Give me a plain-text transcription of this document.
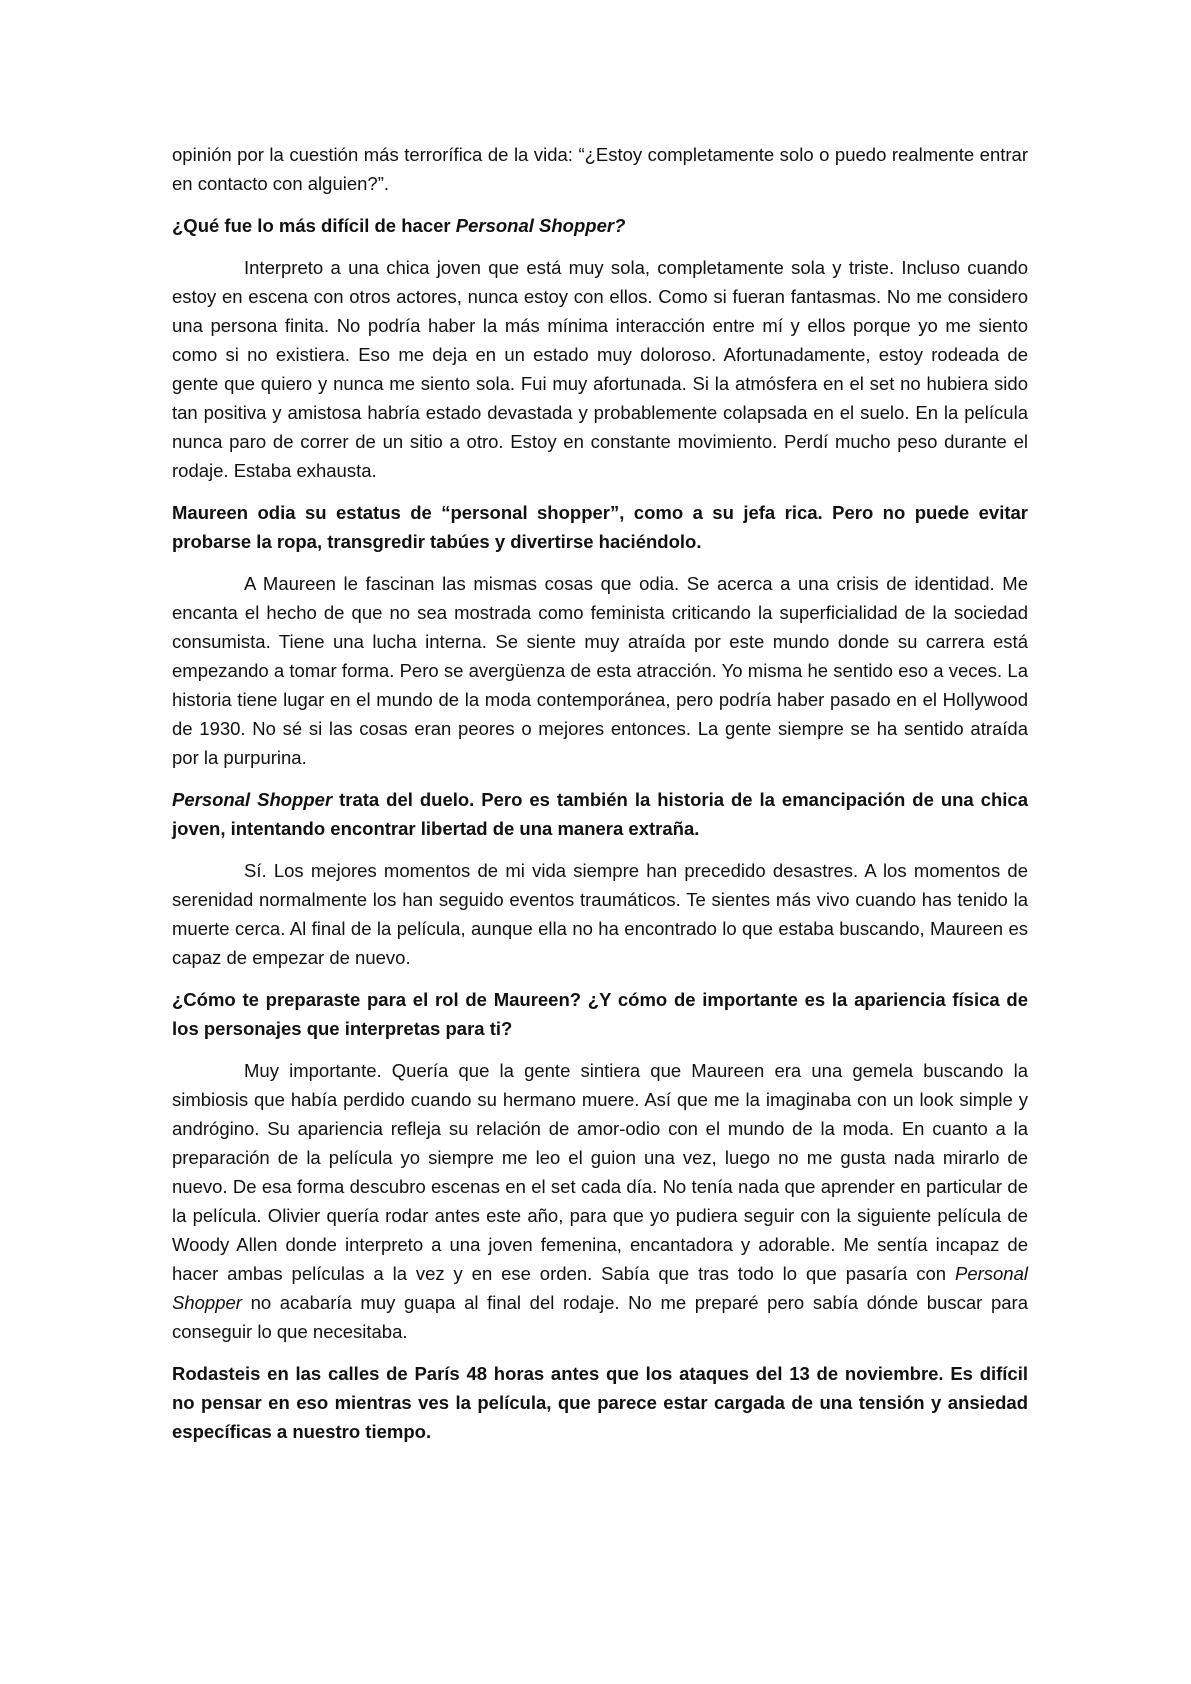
opinión por la cuestión más terrorífica de la vida: “¿Estoy completamente solo o puedo realmente entrar en contacto con alguien?”.

¿Qué fue lo más difícil de hacer Personal Shopper?

Interpreto a una chica joven que está muy sola, completamente sola y triste. Incluso cuando estoy en escena con otros actores, nunca estoy con ellos. Como si fueran fantasmas. No me considero una persona finita. No podría haber la más mínima interacción entre mí y ellos porque yo me siento como si no existiera. Eso me deja en un estado muy doloroso. Afortunadamente, estoy rodeada de gente que quiero y nunca me siento sola. Fui muy afortunada. Si la atmósfera en el set no hubiera sido tan positiva y amistosa habría estado devastada y probablemente colapsada en el suelo. En la película nunca paro de correr de un sitio a otro. Estoy en constante movimiento. Perdí mucho peso durante el rodaje. Estaba exhausta.

Maureen odia su estatus de “personal shopper”, como a su jefa rica. Pero no puede evitar probarse la ropa, transgredir tabúes y divertirse haciéndolo.

A Maureen le fascinan las mismas cosas que odia. Se acerca a una crisis de identidad. Me encanta el hecho de que no sea mostrada como feminista criticando la superficialidad de la sociedad consumista. Tiene una lucha interna. Se siente muy atraída por este mundo donde su carrera está empezando a tomar forma. Pero se avergüenza de esta atracción. Yo misma he sentido eso a veces. La historia tiene lugar en el mundo de la moda contemporánea, pero podría haber pasado en el Hollywood de 1930. No sé si las cosas eran peores o mejores entonces. La gente siempre se ha sentido atraída por la purpurina.

Personal Shopper trata del duelo. Pero es también la historia de la emancipación de una chica joven, intentando encontrar libertad de una manera extraña.

Sí. Los mejores momentos de mi vida siempre han precedido desastres. A los momentos de serenidad normalmente los han seguido eventos traumáticos. Te sientes más vivo cuando has tenido la muerte cerca. Al final de la película, aunque ella no ha encontrado lo que estaba buscando, Maureen es capaz de empezar de nuevo.

¿Cómo te preparaste para el rol de Maureen? ¿Y cómo de importante es la apariencia física de los personajes que interpretas para ti?

Muy importante. Quería que la gente sintiera que Maureen era una gemela buscando la simbiosis que había perdido cuando su hermano muere. Así que me la imaginaba con un look simple y andrógino. Su apariencia refleja su relación de amor-odio con el mundo de la moda. En cuanto a la preparación de la película yo siempre me leo el guion una vez, luego no me gusta nada mirarlo de nuevo. De esa forma descubro escenas en el set cada día. No tenía nada que aprender en particular de la película. Olivier quería rodar antes este año, para que yo pudiera seguir con la siguiente película de Woody Allen donde interpreto a una joven femenina, encantadora y adorable. Me sentía incapaz de hacer ambas películas a la vez y en ese orden. Sabía que tras todo lo que pasaría con Personal Shopper no acabaría muy guapa al final del rodaje. No me preparé pero sabía dónde buscar para conseguir lo que necesitaba.

Rodasteis en las calles de París 48 horas antes que los ataques del 13 de noviembre. Es difícil no pensar en eso mientras ves la película, que parece estar cargada de una tensión y ansiedad específicas a nuestro tiempo.
